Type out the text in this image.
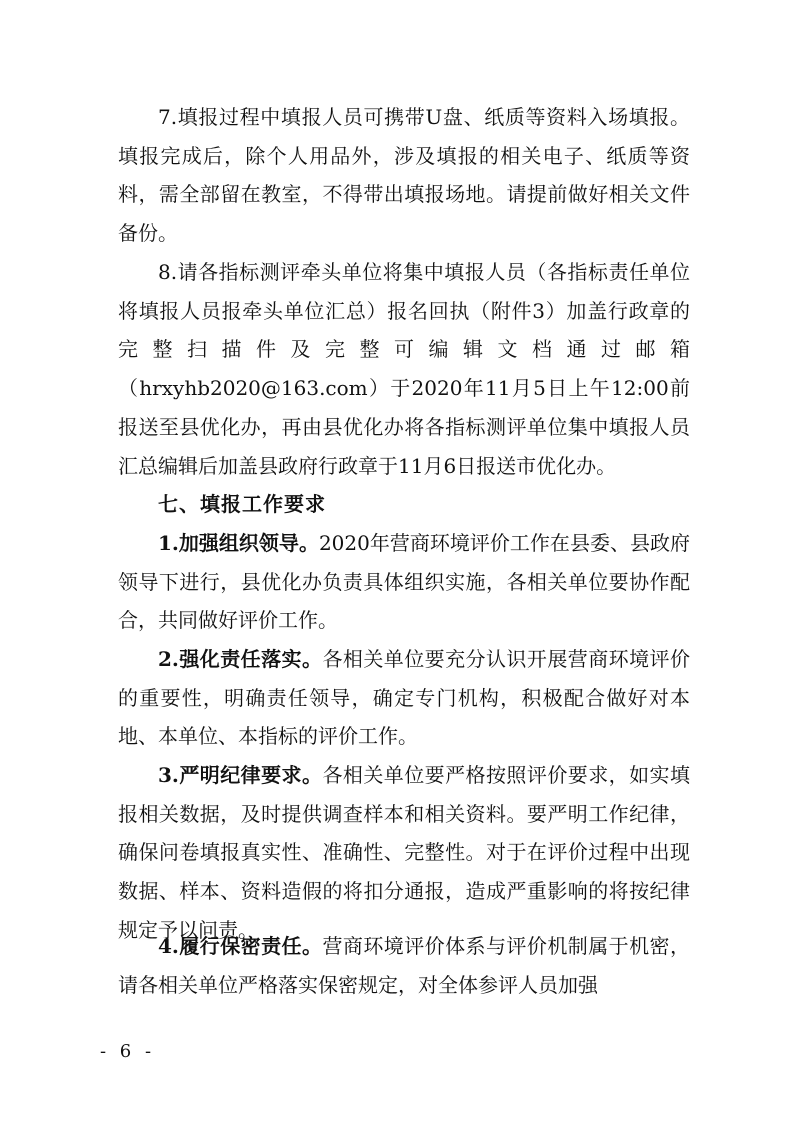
7.填报过程中填报人员可携带U盘、纸质等资料入场填报。填报完成后，除个人用品外，涉及填报的相关电子、纸质等资料，需全部留在教室，不得带出填报场地。请提前做好相关文件备份。

8.请各指标测评牵头单位将集中填报人员（各指标责任单位将填报人员报牵头单位汇总）报名回执（附件3）加盖行政章的完整扫描件及完整可编辑文档通过邮箱（hrxyhb2020@163.com）于2020年11月5日上午12:00前报送至县优化办，再由县优化办将各指标测评单位集中填报人员汇总编辑后加盖县政府行政章于11月6日报送市优化办。

七、填报工作要求

1.加强组织领导。2020年营商环境评价工作在县委、县政府领导下进行，县优化办负责具体组织实施，各相关单位要协作配合，共同做好评价工作。

2.强化责任落实。各相关单位要充分认识开展营商环境评价的重要性，明确责任领导，确定专门机构，积极配合做好对本地、本单位、本指标的评价工作。

3.严明纪律要求。各相关单位要严格按照评价要求，如实填报相关数据，及时提供调查样本和相关资料。要严明工作纪律，确保问卷填报真实性、准确性、完整性。对于在评价过程中出现数据、样本、资料造假的将扣分通报，造成严重影响的将按纪律规定予以问责。

4.履行保密责任。营商环境评价体系与评价机制属于机密，请各相关单位严格落实保密规定，对全体参评人员加强

- 6 -
